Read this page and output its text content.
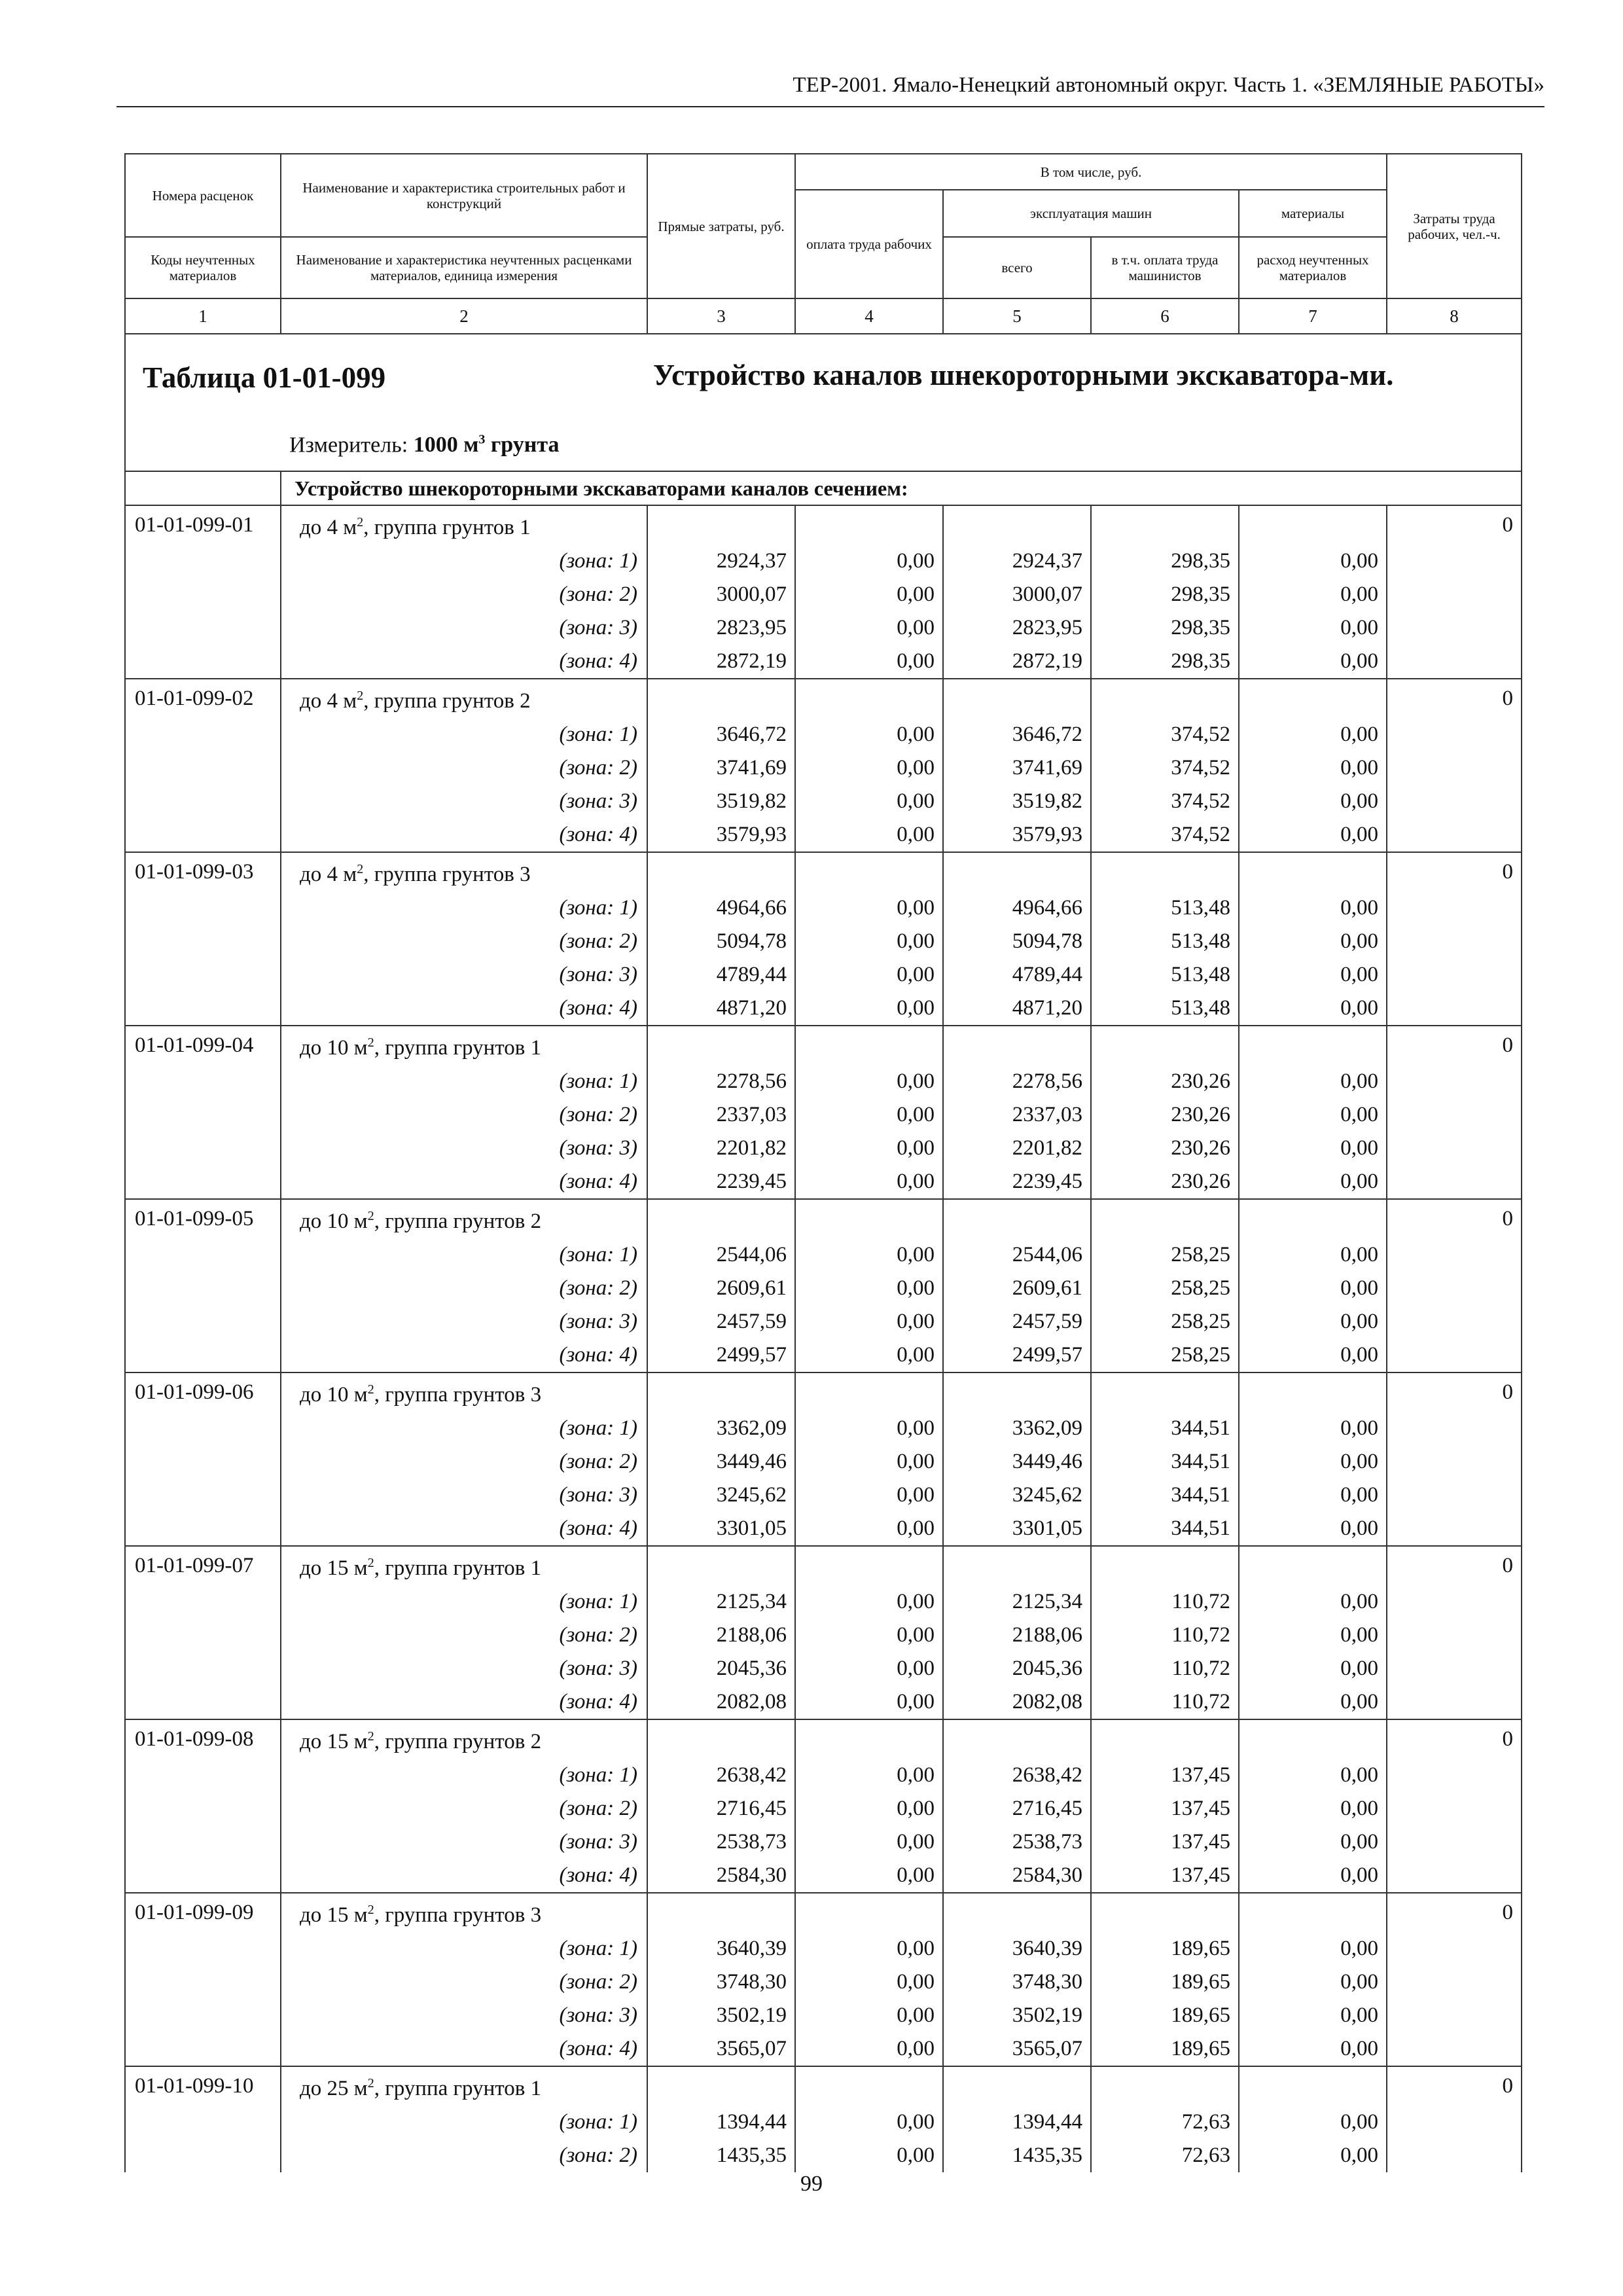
ТЕР-2001. Ямало-Ненецкий автономный округ. Часть 1. «ЗЕМЛЯНЫЕ РАБОТЫ»
Номера расценок	Наименование и характеристика строительных работ и конструкций	Прямые затраты, руб.	В том числе, руб.				Затраты труда рабочих, чел.-ч.
			оплата труда рабочих	эксплуатация машин		материалы	
Коды неучтенных материалов	Наименование и характеристика неучтенных расценками материалов, единица измерения			всего	в т.ч. оплата труда машинистов	расход неучтенных материалов	
1	2	3	4	5	6	7	8

Таблица 01-01-099 Устройство каналов шнекороторными экскаватора-ми.
Измеритель: 1000 $м^3$ грунта							

	Устройство шнекороторными экскаваторами каналов сечением:						
01-01-099-01	до 4 $м^2$, группа грунтов 1						0
	(зона: 1)	2924,37	0,00	2924,37	298,35	0,00	
	(зона: 2)	3000,07	0,00	3000,07	298,35	0,00	
	(зона: 3)	2823,95	0,00	2823,95	298,35	0,00	
	(зона: 4)	2872,19	0,00	2872,19	298,35	0,00	
01-01-099-02	до 4 $м^2$, группа грунтов 2						0
	(зона: 1)	3646,72	0,00	3646,72	374,52	0,00	
	(зона: 2)	3741,69	0,00	3741,69	374,52	0,00	
	(зона: 3)	3519,82	0,00	3519,82	374,52	0,00	
	(зона: 4)	3579,93	0,00	3579,93	374,52	0,00	
01-01-099-03	до 4 $м^2$, группа грунтов 3						0
	(зона: 1)	4964,66	0,00	4964,66	513,48	0,00	
	(зона: 2)	5094,78	0,00	5094,78	513,48	0,00	
	(зона: 3)	4789,44	0,00	4789,44	513,48	0,00	
	(зона: 4)	4871,20	0,00	4871,20	513,48	0,00	
01-01-099-04	до 10 $м^2$, группа грунтов 1						0
	(зона: 1)	2278,56	0,00	2278,56	230,26	0,00	
	(зона: 2)	2337,03	0,00	2337,03	230,26	0,00	
	(зона: 3)	2201,82	0,00	2201,82	230,26	0,00	
	(зона: 4)	2239,45	0,00	2239,45	230,26	0,00	
01-01-099-05	до 10 $м^2$, группа грунтов 2						0
	(зона: 1)	2544,06	0,00	2544,06	258,25	0,00	
	(зона: 2)	2609,61	0,00	2609,61	258,25	0,00	
	(зона: 3)	2457,59	0,00	2457,59	258,25	0,00	
	(зона: 4)	2499,57	0,00	2499,57	258,25	0,00	
01-01-099-06	до 10 $м^2$, группа грунтов 3						0
	(зона: 1)	3362,09	0,00	3362,09	344,51	0,00	
	(зона: 2)	3449,46	0,00	3449,46	344,51	0,00	
	(зона: 3)	3245,62	0,00	3245,62	344,51	0,00	
	(зона: 4)	3301,05	0,00	3301,05	344,51	0,00	
01-01-099-07	до 15 $м^2$, группа грунтов 1						0
	(зона: 1)	2125,34	0,00	2125,34	110,72	0,00	
	(зона: 2)	2188,06	0,00	2188,06	110,72	0,00	
	(зона: 3)	2045,36	0,00	2045,36	110,72	0,00	
	(зона: 4)	2082,08	0,00	2082,08	110,72	0,00	
01-01-099-08	до 15 $м^2$, группа грунтов 2						0
	(зона: 1)	2638,42	0,00	2638,42	137,45	0,00	
	(зона: 2)	2716,45	0,00	2716,45	137,45	0,00	
	(зона: 3)	2538,73	0,00	2538,73	137,45	0,00	
	(зона: 4)	2584,30	0,00	2584,30	137,45	0,00	
01-01-099-09	до 15 $м^2$, группа грунтов 3						0
	(зона: 1)	3640,39	0,00	3640,39	189,65	0,00	
	(зона: 2)	3748,30	0,00	3748,30	189,65	0,00	
	(зона: 3)	3502,19	0,00	3502,19	189,65	0,00	
	(зона: 4)	3565,07	0,00	3565,07	189,65	0,00	
01-01-099-10	до 25 $м^2$, группа грунтов 1						0
	(зона: 1)	1394,44	0,00	1394,44	72,63	0,00	
	(зона: 2)	1435,35	0,00	1435,35	72,63	0,00	
99
